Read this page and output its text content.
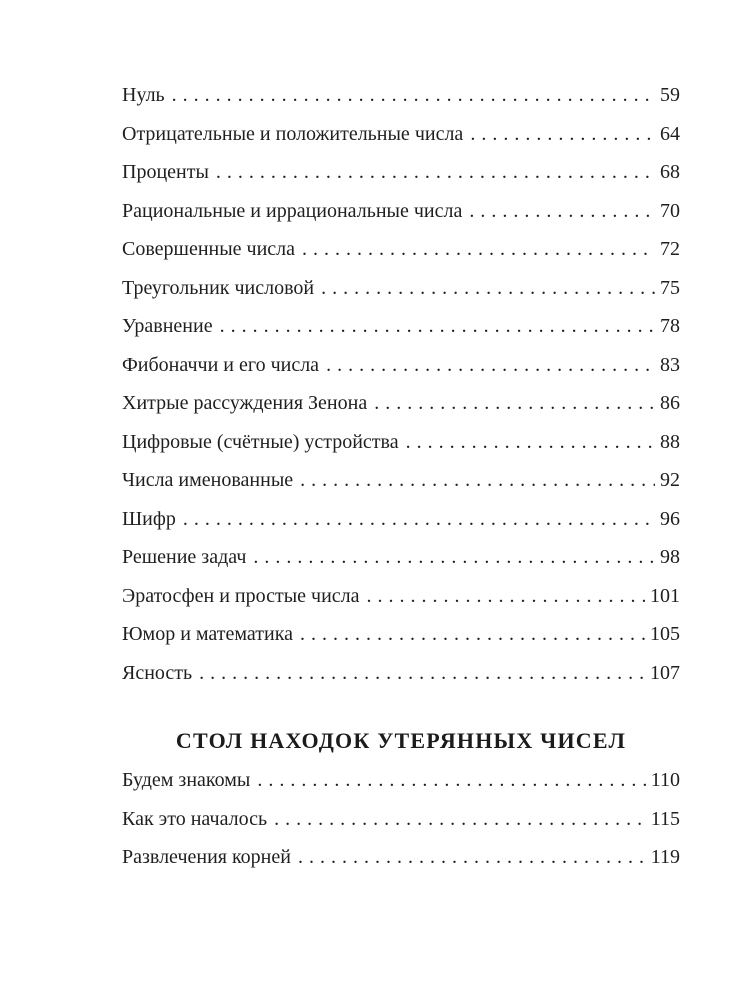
Нуль .....	59
Отрицательные и положительные числа .....	64
Проценты .....	68
Рациональные и иррациональные числа .....	70
Совершенные числа .....	72
Треугольник числовой .....	75
Уравнение .....	78
Фибоначчи и его числа .....	83
Хитрые рассуждения Зенона .....	86
Цифровые (счётные) устройства .....	88
Числа именованные .....	92
Шифр .....	96
Решение задач .....	98
Эратосфен и простые числа .....	101
Юмор и математика .....	105
Ясность .....	107
СТОЛ НАХОДОК УТЕРЯННЫХ ЧИСЕЛ
Будем знакомы .....	110
Как это началось .....	115
Развлечения корней .....	119
